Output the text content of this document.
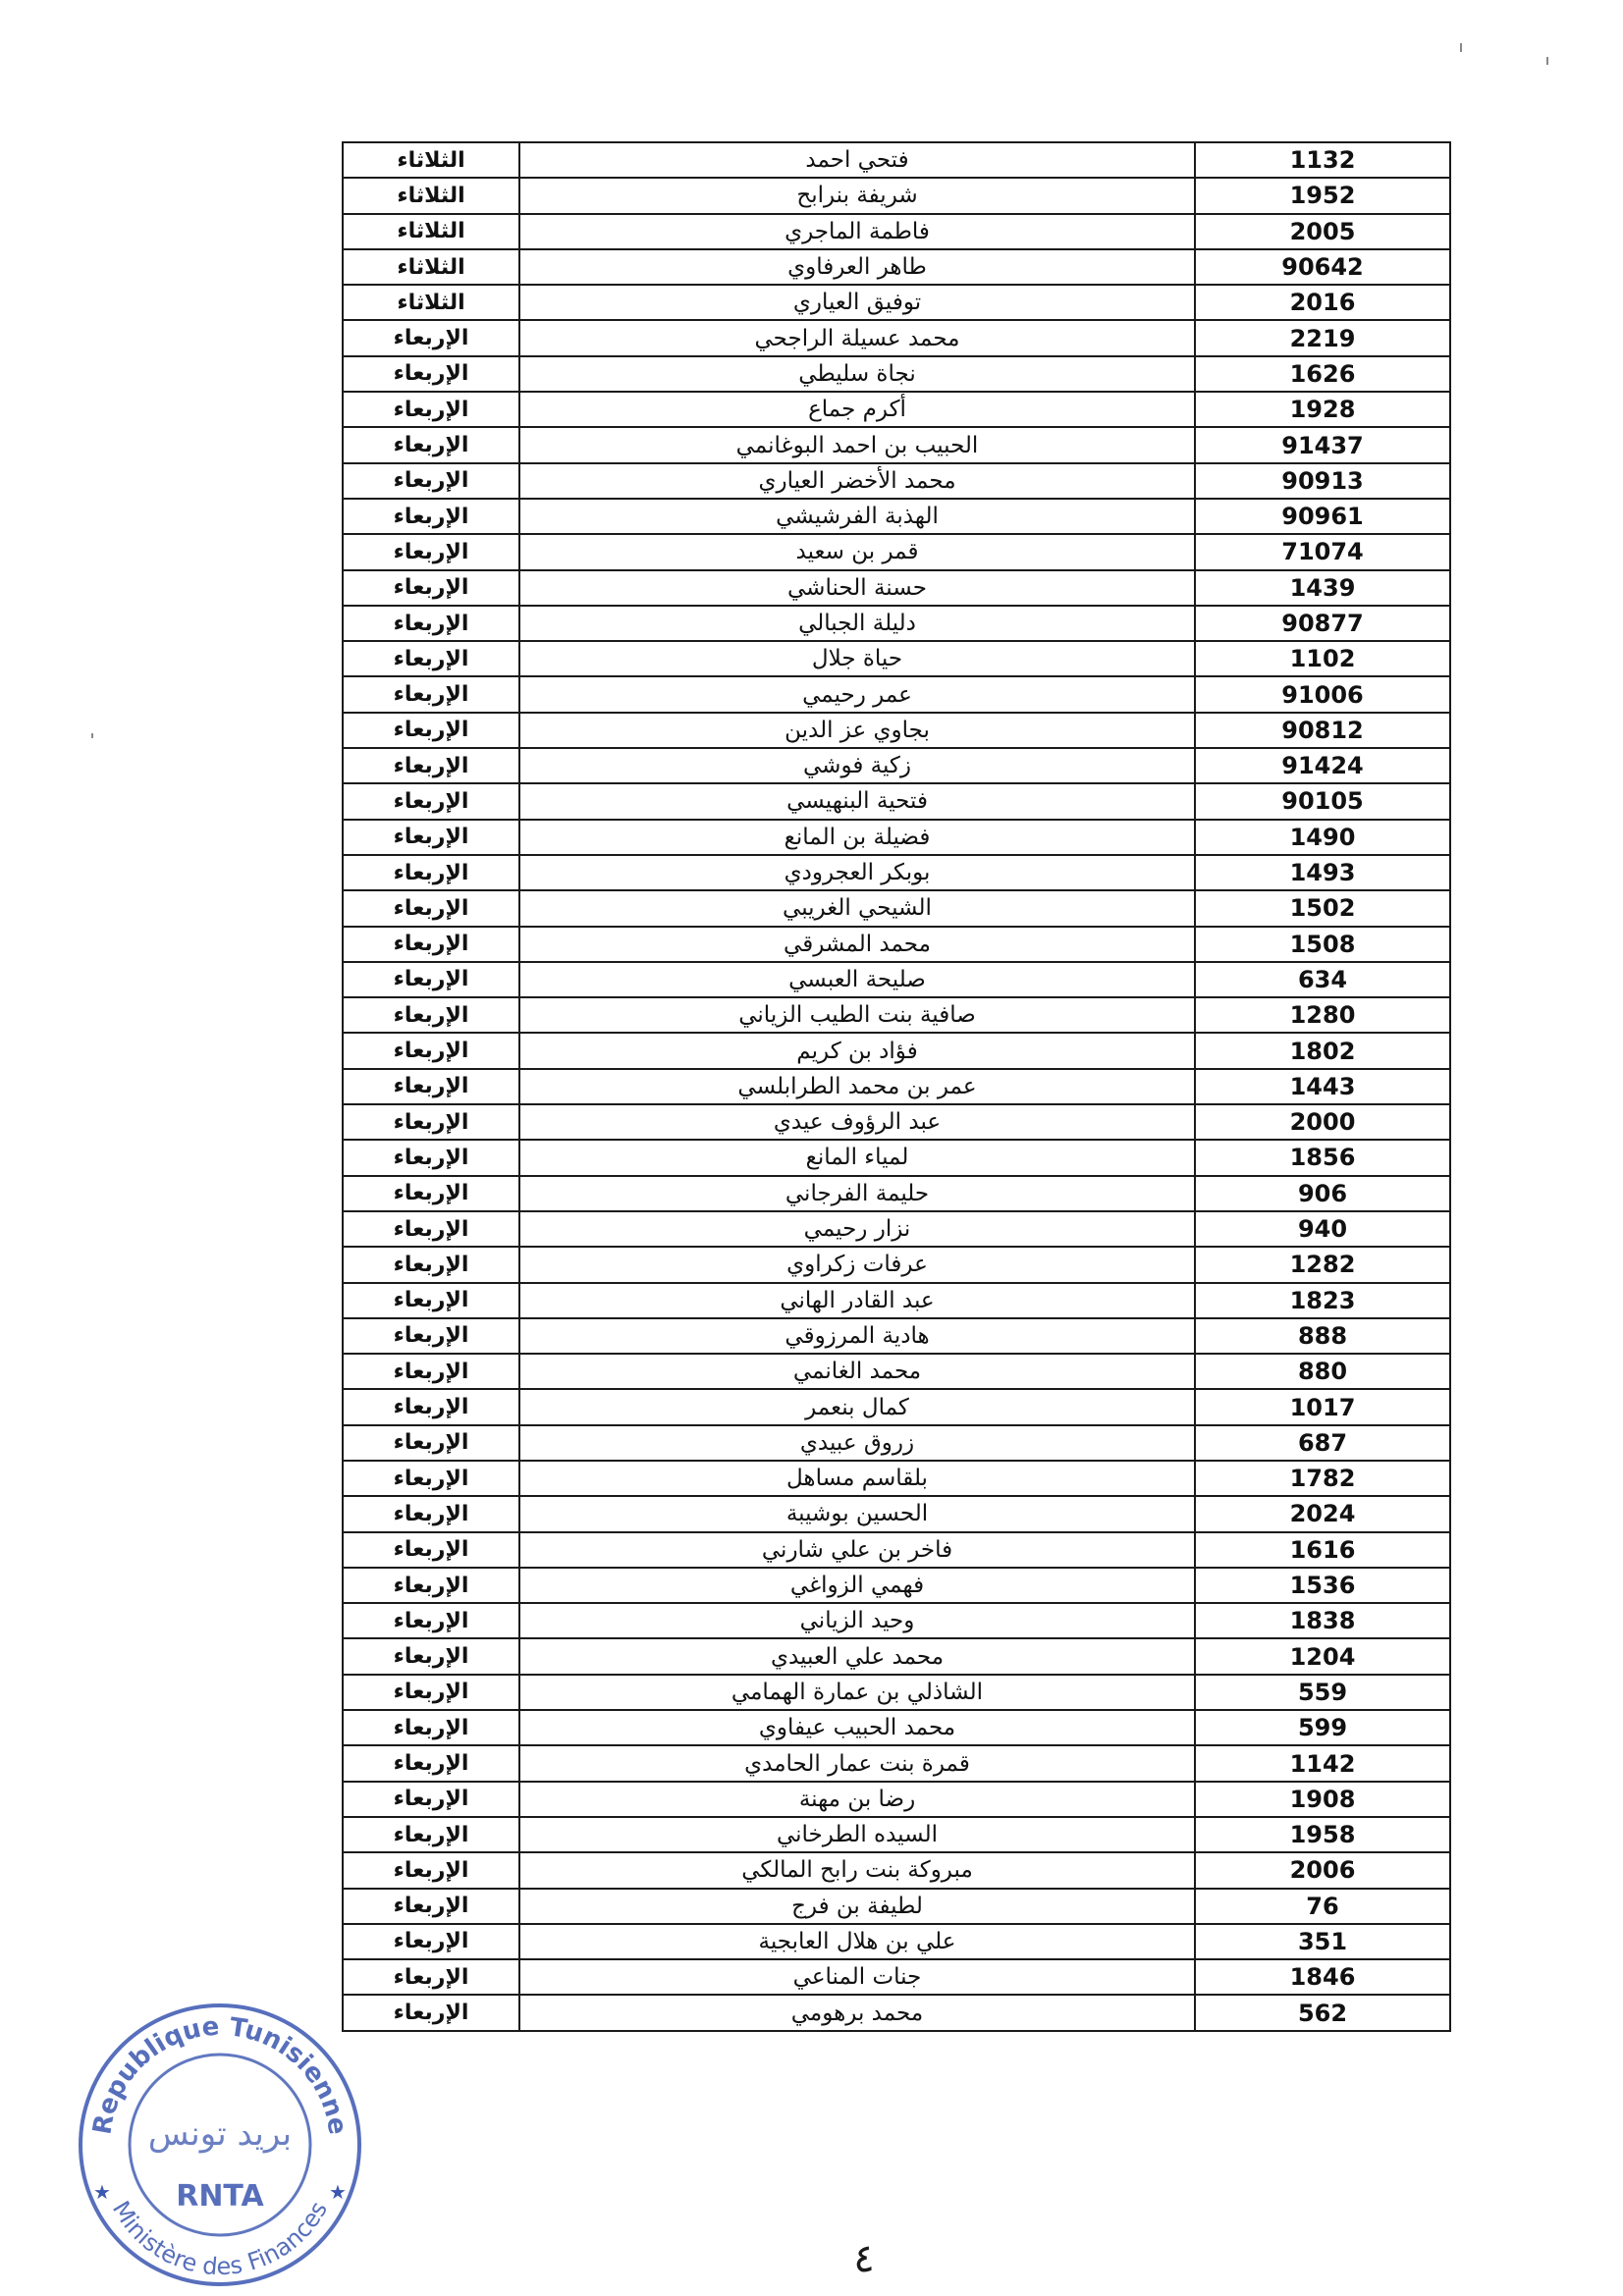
الثلاثاء	فتحي احمد	1132
الثلاثاء	شريفة بنرابح	1952
الثلاثاء	فاطمة الماجري	2005
الثلاثاء	طاهر العرفاوي	90642
الثلاثاء	توفيق العياري	2016
الإربعاء	محمد عسيلة الراجحي	2219
الإربعاء	نجاة سليطي	1626
الإربعاء	أكرم جماع	1928
الإربعاء	الحبيب بن احمد البوغانمي	91437
الإربعاء	محمد الأخضر العياري	90913
الإربعاء	الهذبة الفرشيشي	90961
الإربعاء	قمر بن سعيد	71074
الإربعاء	حسنة الحناشي	1439
الإربعاء	دليلة الجبالي	90877
الإربعاء	حياة جلال	1102
الإربعاء	عمر رحيمي	91006
الإربعاء	بجاوي عز الدين	90812
الإربعاء	زكية فوشي	91424
الإربعاء	فتحية البنهيسي	90105
الإربعاء	فضيلة بن المانع	1490
الإربعاء	بوبكر العجرودي	1493
الإربعاء	الشيحي الغريبي	1502
الإربعاء	محمد المشرقي	1508
الإربعاء	صليحة العبسي	634
الإربعاء	صافية بنت الطيب الزياني	1280
الإربعاء	فؤاد بن كريم	1802
الإربعاء	عمر بن محمد الطرابلسي	1443
الإربعاء	عبد الرؤوف عيدي	2000
الإربعاء	لمياء المانع	1856
الإربعاء	حليمة الفرجاني	906
الإربعاء	نزار رحيمي	940
الإربعاء	عرفات زكراوي	1282
الإربعاء	عبد القادر الهاني	1823
الإربعاء	هادية المرزوقي	888
الإربعاء	محمد الغانمي	880
الإربعاء	كمال بنعمر	1017
الإربعاء	زروق عبيدي	687
الإربعاء	بلقاسم مساهل	1782
الإربعاء	الحسين بوشيبة	2024
الإربعاء	فاخر بن علي شارني	1616
الإربعاء	فهمي الزواغي	1536
الإربعاء	وحيد الزياني	1838
الإربعاء	محمد علي العبيدي	1204
الإربعاء	الشاذلي بن عمارة الهمامي	559
الإربعاء	محمد الحبيب عيفاوي	599
الإربعاء	قمرة بنت عمار الحامدي	1142
الإربعاء	رضا بن مهنة	1908
الإربعاء	السيده الطرخاني	1958
الإربعاء	مبروكة بنت رابح المالكي	2006
الإربعاء	لطيفة بن فرج	76
الإربعاء	علي بن هلال العابجية	351
الإربعاء	جنات المناعي	1846
الإربعاء	محمد برهومي	562
Republique Tunisienne
Ministère des Finances
بريد تونس
RNTA
★	★
٤
